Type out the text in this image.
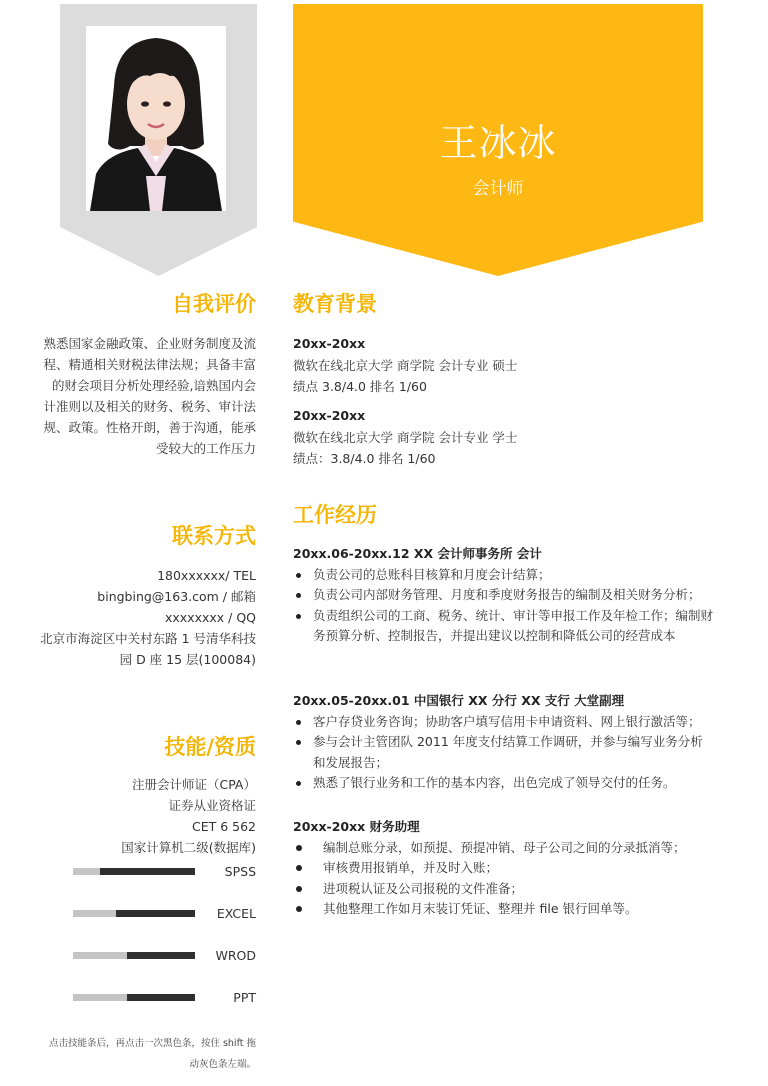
王冰冰
会计师
自我评价
熟悉国家金融政策、企业财务制度及流
程、精通相关财税法律法规；具备丰富
的财会项目分析处理经验,谙熟国内会
计准则以及相关的财务、税务、审计法
规、政策。性格开朗，善于沟通，能承
受较大的工作压力
联系方式
180xxxxxx/ TEL
bingbing@163.com / 邮箱
xxxxxxxx / QQ
北京市海淀区中关村东路 1 号清华科技
园 D 座 15 层(100084)
技能/资质
注册会计师证（CPA）
证券从业资格证
CET 6 562
国家计算机二级(数据库)
SPSS
EXCEL
WROD
PPT
点击技能条后，再点击一次黑色条，按住 shift 拖
动灰色条左端。
教育背景
20xx-20xx
微软在线北京大学 商学院 会计专业 硕士
绩点 3.8/4.0 排名 1/60
20xx-20xx
微软在线北京大学 商学院 会计专业 学士
绩点：3.8/4.0 排名 1/60
工作经历
20xx.06-20xx.12 XX 会计师事务所 会计
负责公司的总账科目核算和月度会计结算；
负责公司内部财务管理、月度和季度财务报告的编制及相关财务分析；
负责组织公司的工商、税务、统计、审计等申报工作及年检工作；编制财务预算分析、控制报告，并提出建议以控制和降低公司的经营成本
20xx.05-20xx.01 中国银行 XX 分行 XX 支行 大堂副理
客户存贷业务咨询；协助客户填写信用卡申请资料、网上银行激活等；
参与会计主管团队 2011 年度支付结算工作调研，并参与编写业务分析和发展报告；
熟悉了银行业务和工作的基本内容，出色完成了领导交付的任务。
20xx-20xx 财务助理
编制总账分录，如预提、预提冲销、母子公司之间的分录抵消等；
审核费用报销单，并及时入账；
进项税认证及公司报税的文件准备；
其他整理工作如月末装订凭证、整理并 file 银行回单等。
